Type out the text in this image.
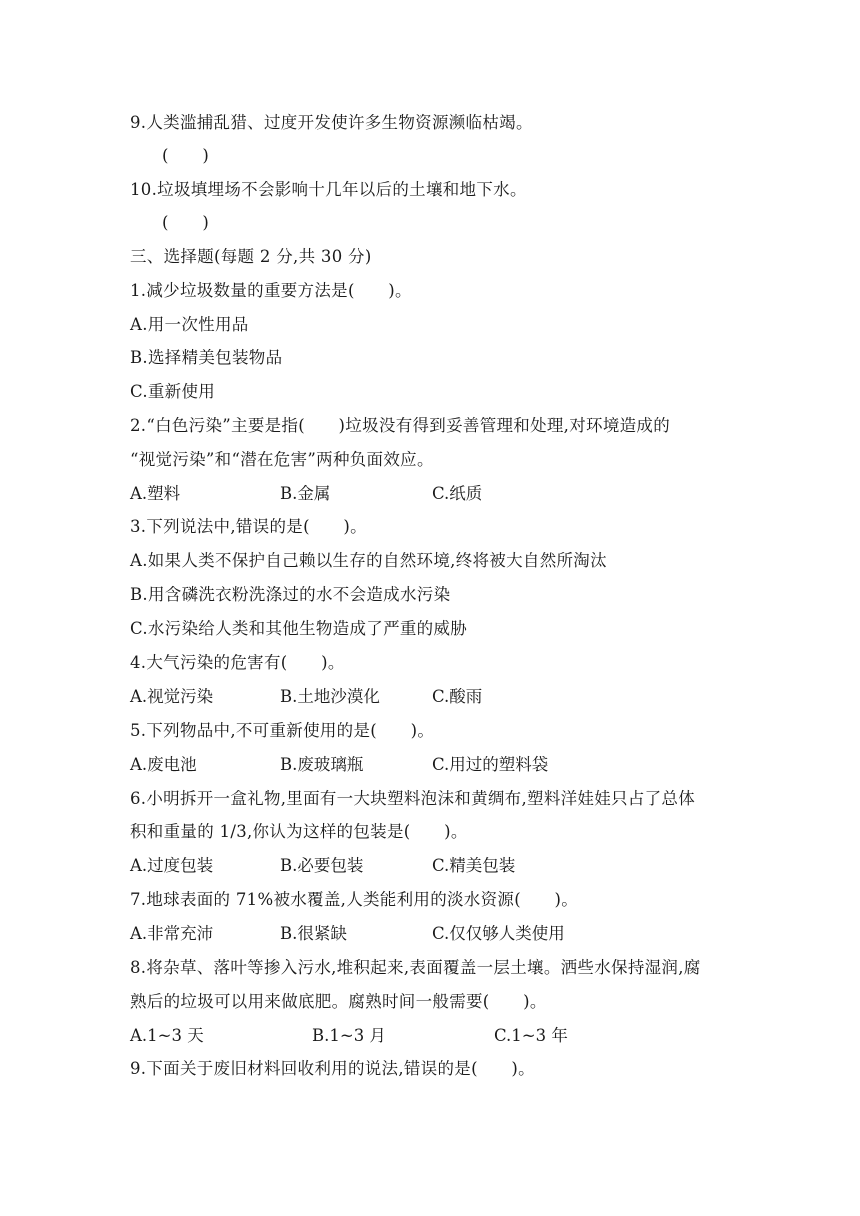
9.人类滥捕乱猎、过度开发使许多生物资源濒临枯竭。
(　　)
10.垃圾填埋场不会影响十几年以后的土壤和地下水。
(　　)
三、选择题(每题 2 分,共 30 分)
1.减少垃圾数量的重要方法是(　　)。
A.用一次性用品
B.选择精美包装物品
C.重新使用
2.“白色污染”主要是指(　　)垃圾没有得到妥善管理和处理,对环境造成的
“视觉污染”和“潜在危害”两种负面效应。
A.塑料	B.金属	C.纸质
3.下列说法中,错误的是(　　)。
A.如果人类不保护自己赖以生存的自然环境,终将被大自然所淘汰
B.用含磷洗衣粉洗涤过的水不会造成水污染
C.水污染给人类和其他生物造成了严重的威胁
4.大气污染的危害有(　　)。
A.视觉污染	B.土地沙漠化	C.酸雨
5.下列物品中,不可重新使用的是(　　)。
A.废电池	B.废玻璃瓶	C.用过的塑料袋
6.小明拆开一盒礼物,里面有一大块塑料泡沫和黄绸布,塑料洋娃娃只占了总体
积和重量的 1/3,你认为这样的包装是(　　)。
A.过度包装	B.必要包装	C.精美包装
7.地球表面的 71%被水覆盖,人类能利用的淡水资源(　　)。
A.非常充沛	B.很紧缺	C.仅仅够人类使用
8.将杂草、落叶等掺入污水,堆积起来,表面覆盖一层土壤。洒些水保持湿润,腐
熟后的垃圾可以用来做底肥。腐熟时间一般需要(　　)。
A.1~3 天	B.1~3 月	C.1~3 年
9.下面关于废旧材料回收利用的说法,错误的是(　　)。
